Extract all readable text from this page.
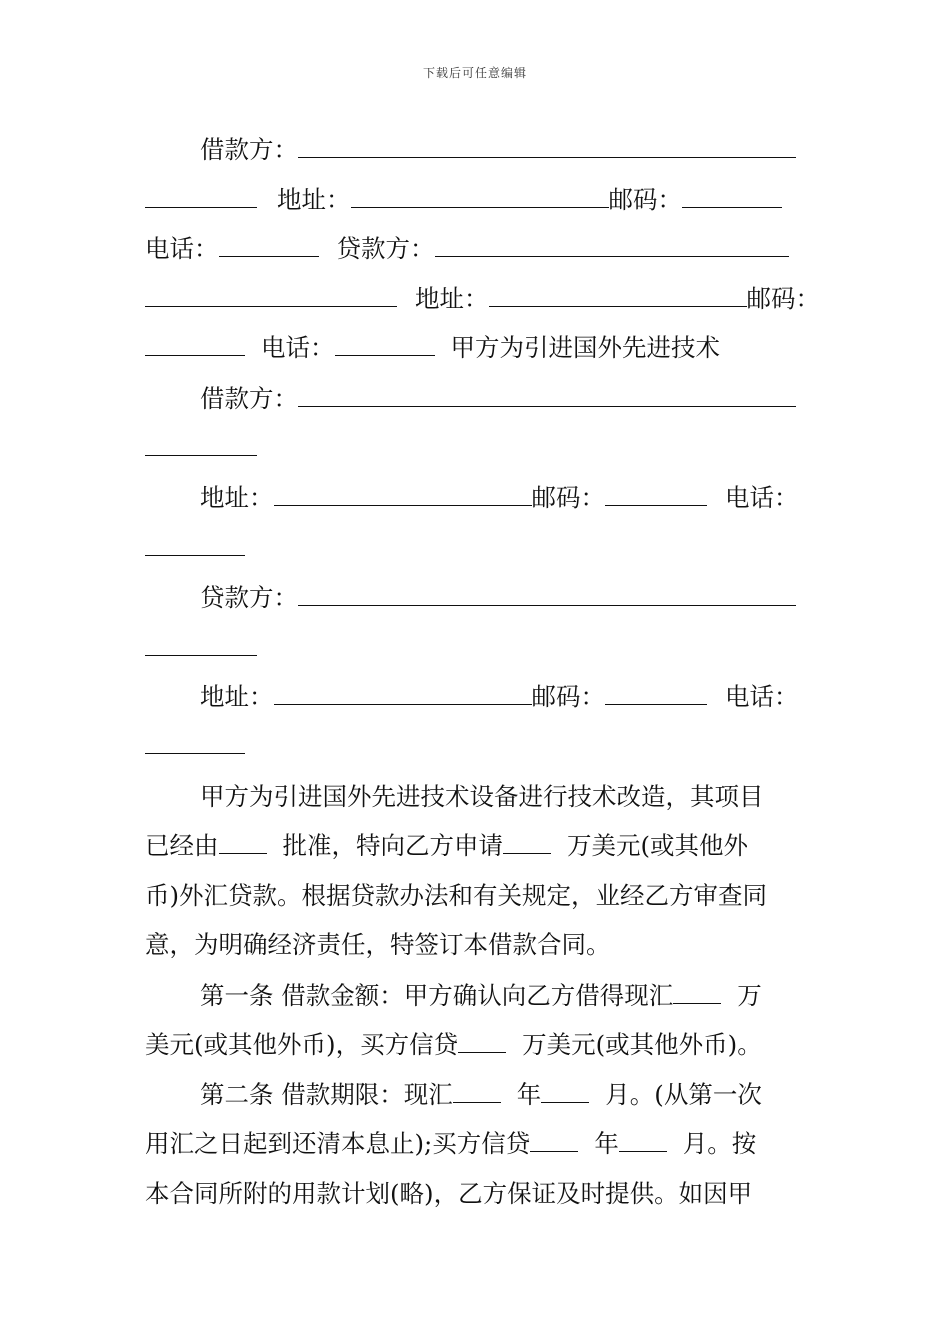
下载后可任意编辑
借款方：
地址：	邮码：
电话：	贷款方：
地址：	邮码：
电话：	甲方为引进国外先进技术
借款方：
地址：	邮码：	电话：
贷款方：
地址：	邮码：	电话：
甲方为引进国外先进技术设备进行技术改造，其项目
已经由	批准，特向乙方申请	万美元(或其他外
币)外汇贷款。根据贷款办法和有关规定，业经乙方审查同
意，为明确经济责任，特签订本借款合同。
第一条 借款金额：甲方确认向乙方借得现汇	万
美元(或其他外币)，买方信贷	万美元(或其他外币)。
第二条 借款期限：现汇	年	月。(从第一次
用汇之日起到还清本息止);买方信贷	年	月。按
本合同所附的用款计划(略)，乙方保证及时提供。如因甲
